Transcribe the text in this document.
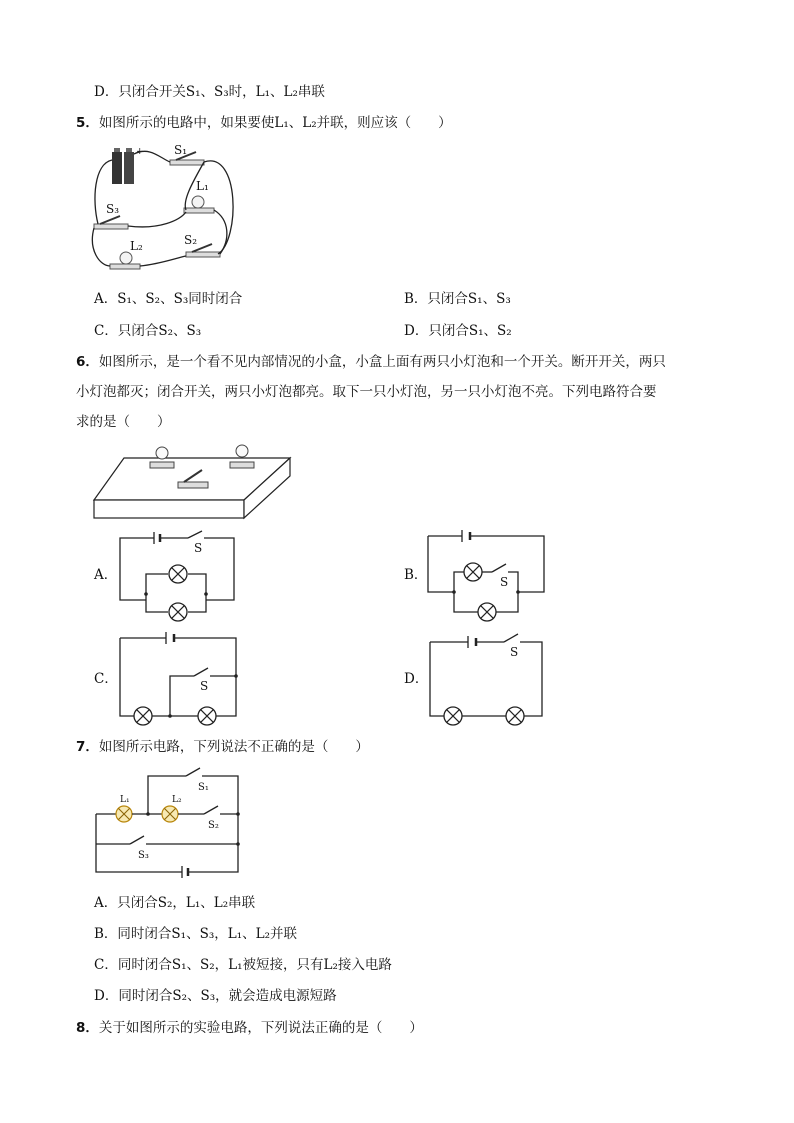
D．只闭合开关S₁、S₃时，L₁、L₂串联
5．如图所示的电路中，如果要使L₁、L₂并联，则应该（　　）
+	S₁
L₁
S₃
S₂
L₂
A．S₁、S₂、S₃同时闭合	B．只闭合S₁、S₃
C．只闭合S₂、S₃	D．只闭合S₁、S₂
6．如图所示，是一个看不见内部情况的小盒，小盒上面有两只小灯泡和一个开关。断开开关，两只
小灯泡都灭；闭合开关，两只小灯泡都亮。取下一只小灯泡，另一只小灯泡不亮。下列电路符合要
求的是（　　）
A．
S
B．	S
C．	S	D．
S
7．如图所示电路，下列说法不正确的是（　　）
L₁	L₂
S₂
S₁
S₃
A．只闭合S₂，L₁、L₂串联
B．同时闭合S₁、S₃，L₁、L₂并联
C．同时闭合S₁、S₂，L₁被短接，只有L₂接入电路
D．同时闭合S₂、S₃，就会造成电源短路
8．关于如图所示的实验电路，下列说法正确的是（　　）
